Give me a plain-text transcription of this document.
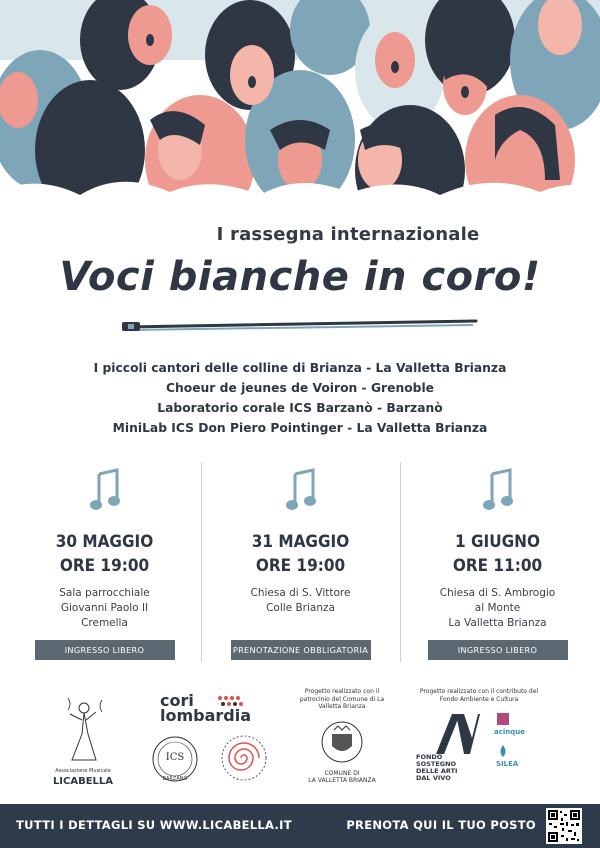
I rassegna internazionale
Voci bianche in coro!
I piccoli cantori delle colline di Brianza - La Valletta Brianza
Choeur de jeunes de Voiron - Grenoble
Laboratorio corale ICS Barzanò - Barzanò
MiniLab ICS Don Piero Pointinger - La Valletta Brianza
30 MAGGIO
ORE 19:00
Sala parrocchiale
Giovanni Paolo II
Cremella
INGRESSO LIBERO
31 MAGGIO
ORE 19:00
Chiesa di S. Vittore
Colle Brianza
PRENOTAZIONE OBBLIGATORIA
1 GIUGNO
ORE 11:00
Chiesa di S. Ambrogio
al Monte
La Valletta Brianza
INGRESSO LIBERO
Associazione Musicale
LICABELLA
cori
lombardia
ICS
BARZANÒ
Progetto realizzato con il patrocinio del Comune di La Valletta Brianza
COMUNE DI
LA VALLETTA BRIANZA
Progetto realizzato con il contributo del Fondo Ambiente e Cultura
FONDO
SOSTEGNO
DELLE ARTI
DAL VIVO
acinque
SILEA
TUTTI I DETTAGLI SU WWW.LICABELLA.IT	PRENOTA QUI IL TUO POSTO
